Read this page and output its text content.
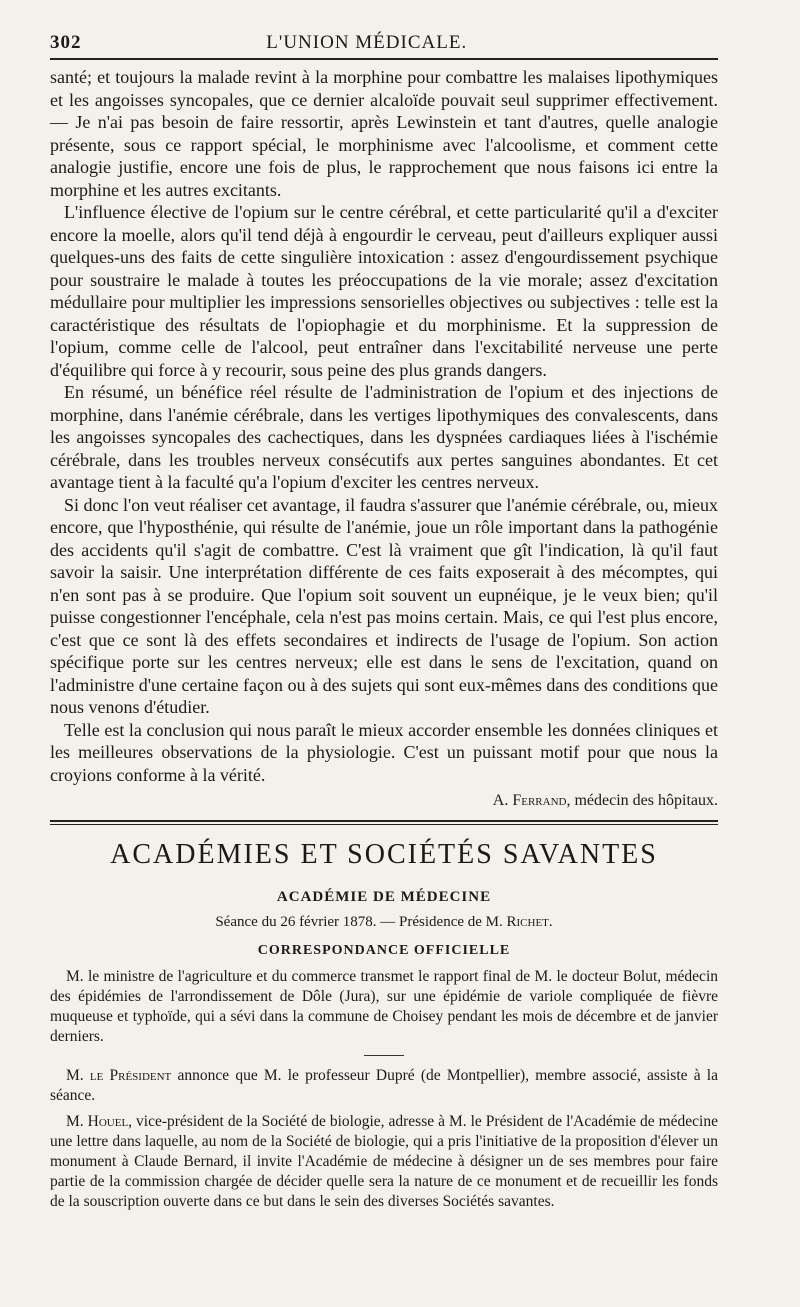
302	L'UNION MÉDICALE.

santé; et toujours la malade revint à la morphine pour combattre les malaises lipothymiques et les angoisses syncopales, que ce dernier alcaloïde pouvait seul supprimer effectivement. — Je n'ai pas besoin de faire ressortir, après Lewinstein et tant d'autres, quelle analogie présente, sous ce rapport spécial, le morphinisme avec l'alcoolisme, et comment cette analogie justifie, encore une fois de plus, le rapprochement que nous faisons ici entre la morphine et les autres excitants.

L'influence élective de l'opium sur le centre cérébral, et cette particularité qu'il a d'exciter encore la moelle, alors qu'il tend déjà à engourdir le cerveau, peut d'ailleurs expliquer aussi quelques-uns des faits de cette singulière intoxication : assez d'engourdissement psychique pour soustraire le malade à toutes les préoccupations de la vie morale; assez d'excitation médullaire pour multiplier les impressions sensorielles objectives ou subjectives : telle est la caractéristique des résultats de l'opiophagie et du morphinisme. Et la suppression de l'opium, comme celle de l'alcool, peut entraîner dans l'excitabilité nerveuse une perte d'équilibre qui force à y recourir, sous peine des plus grands dangers.

En résumé, un bénéfice réel résulte de l'administration de l'opium et des injections de morphine, dans l'anémie cérébrale, dans les vertiges lipothymiques des convalescents, dans les angoisses syncopales des cachectiques, dans les dyspnées cardiaques liées à l'ischémie cérébrale, dans les troubles nerveux consécutifs aux pertes sanguines abondantes. Et cet avantage tient à la faculté qu'a l'opium d'exciter les centres nerveux.

Si donc l'on veut réaliser cet avantage, il faudra s'assurer que l'anémie cérébrale, ou, mieux encore, que l'hyposthénie, qui résulte de l'anémie, joue un rôle important dans la pathogénie des accidents qu'il s'agit de combattre. C'est là vraiment que gît l'indication, là qu'il faut savoir la saisir. Une interprétation différente de ces faits exposerait à des mécomptes, qui n'en sont pas à se produire. Que l'opium soit souvent un eupnéique, je le veux bien; qu'il puisse congestionner l'encéphale, cela n'est pas moins certain. Mais, ce qui l'est plus encore, c'est que ce sont là des effets secondaires et indirects de l'usage de l'opium. Son action spécifique porte sur les centres nerveux; elle est dans le sens de l'excitation, quand on l'administre d'une certaine façon ou à des sujets qui sont eux-mêmes dans des conditions que nous venons d'étudier.

Telle est la conclusion qui nous paraît le mieux accorder ensemble les données cliniques et les meilleures observations de la physiologie. C'est un puissant motif pour que nous la croyions conforme à la vérité.

A. Ferrand, médecin des hôpitaux.
ACADÉMIES ET SOCIÉTÉS SAVANTES
ACADÉMIE DE MÉDECINE
Séance du 26 février 1878. — Présidence de M. Richet.
CORRESPONDANCE OFFICIELLE

M. le ministre de l'agriculture et du commerce transmet le rapport final de M. le docteur Bolut, médecin des épidémies de l'arrondissement de Dôle (Jura), sur une épidémie de variole compliquée de fièvre muqueuse et typhoïde, qui a sévi dans la commune de Choisey pendant les mois de décembre et de janvier derniers.

M. le Président annonce que M. le professeur Dupré (de Montpellier), membre associé, assiste à la séance.

M. Houel, vice-président de la Société de biologie, adresse à M. le Président de l'Académie de médecine une lettre dans laquelle, au nom de la Société de biologie, qui a pris l'initiative de la proposition d'élever un monument à Claude Bernard, il invite l'Académie de médecine à désigner un de ses membres pour faire partie de la commission chargée de décider quelle sera la nature de ce monument et de recueillir les fonds de la souscription ouverte dans ce but dans le sein des diverses Sociétés savantes.
